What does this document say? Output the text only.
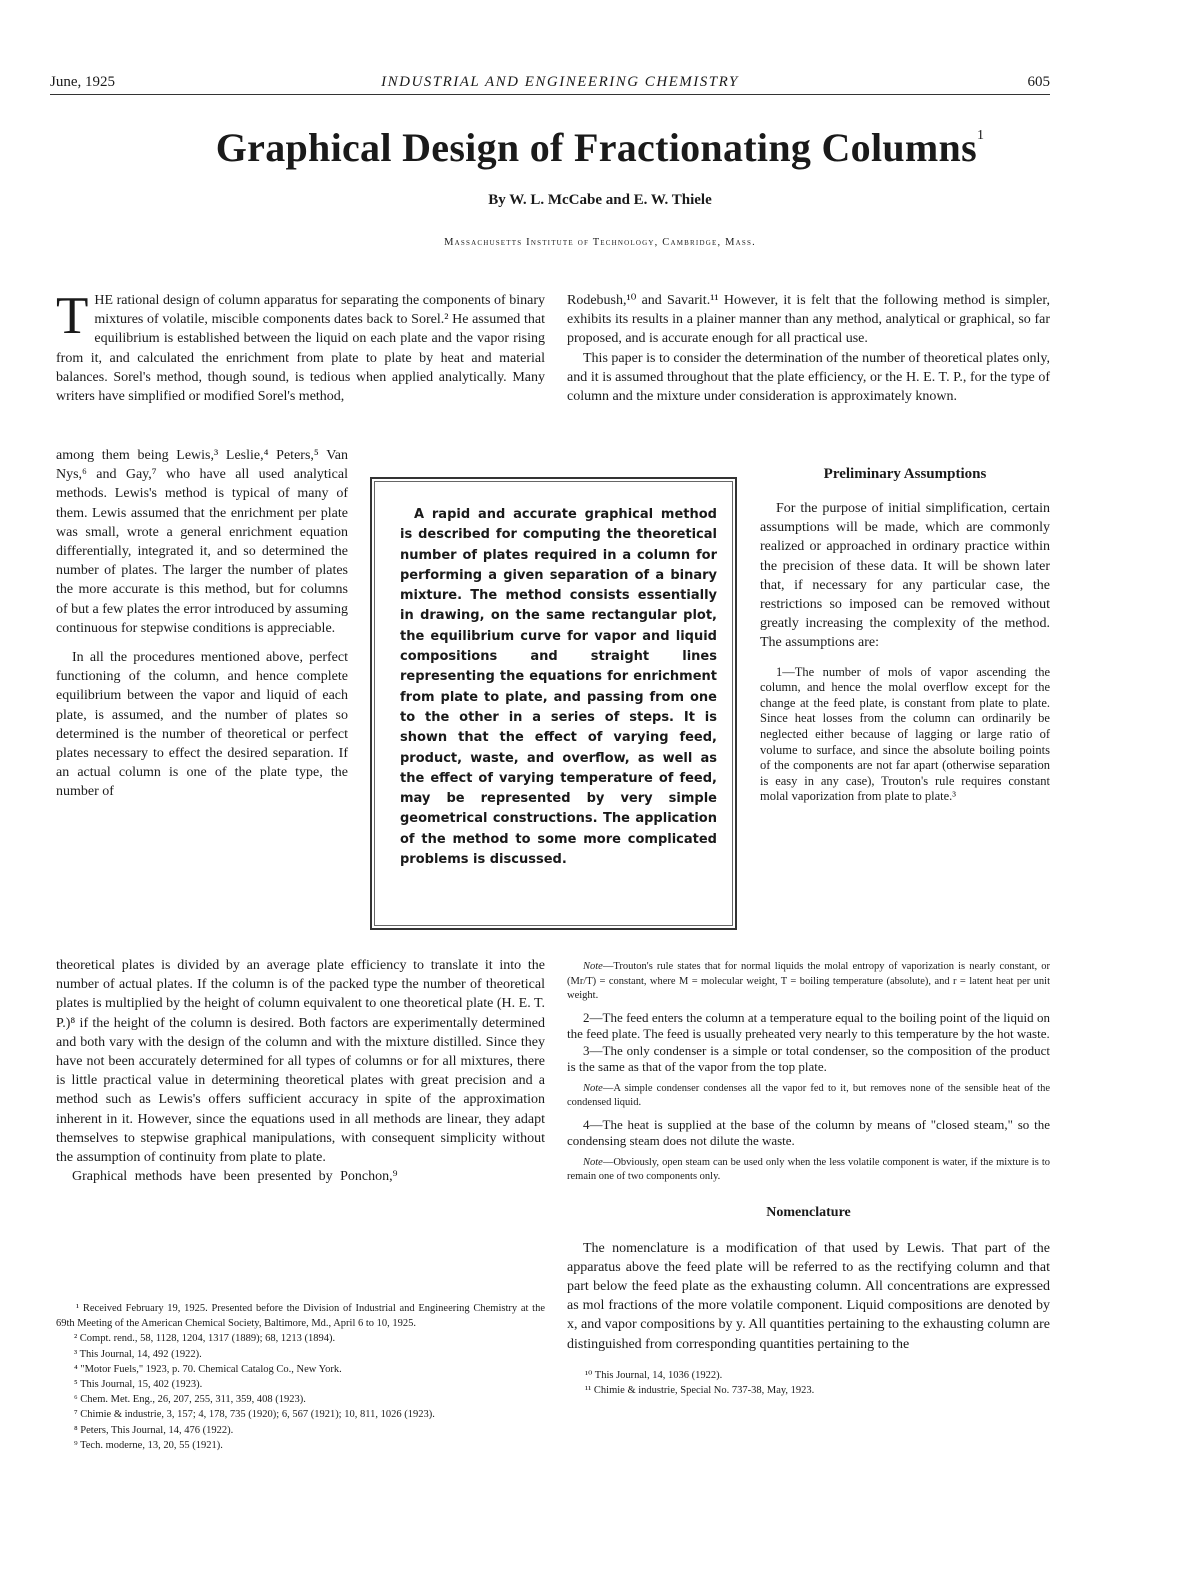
June, 1925	INDUSTRIAL AND ENGINEERING CHEMISTRY	605
Graphical Design of Fractionating Columns$^1$
By W. L. McCabe and E. W. Thiele
Massachusetts Institute of Technology, Cambridge, Mass.

THE rational design of column apparatus for separating the components of binary mixtures of volatile, miscible components dates back to Sorel.² He assumed that equilibrium is established between the liquid on each plate and the vapor rising from it, and calculated the enrichment from plate to plate by heat and material balances. Sorel's method, though sound, is tedious when applied analytically. Many writers have simplified or modified Sorel's method,

among them being Lewis,³ Leslie,⁴ Peters,⁵ Van Nys,⁶ and Gay,⁷ who have all used analytical methods. Lewis's method is typical of many of them. Lewis assumed that the enrichment per plate was small, wrote a general enrichment equation differentially, integrated it, and so determined the number of plates. The larger the number of plates the more accurate is this method, but for columns of but a few plates the error introduced by assuming continuous for stepwise conditions is appreciable.

In all the procedures mentioned above, perfect functioning of the column, and hence complete equilibrium between the vapor and liquid of each plate, is assumed, and the number of plates so determined is the number of theoretical or perfect plates necessary to effect the desired separation. If an actual column is one of the plate type, the number of

theoretical plates is divided by an average plate efficiency to translate it into the number of actual plates. If the column is of the packed type the number of theoretical plates is multiplied by the height of column equivalent to one theoretical plate (H. E. T. P.)⁸ if the height of the column is desired. Both factors are experimentally determined and both vary with the design of the column and with the mixture distilled. Since they have not been accurately determined for all types of columns or for all mixtures, there is little practical value in determining theoretical plates with great precision and a method such as Lewis's offers sufficient accuracy in spite of the approximation inherent in it. However, since the equations used in all methods are linear, they adapt themselves to stepwise graphical manipulations, with consequent simplicity without the assumption of continuity from plate to plate.

Graphical methods have been presented by Ponchon,⁹

¹ Received February 19, 1925. Presented before the Division of Industrial and Engineering Chemistry at the 69th Meeting of the American Chemical Society, Baltimore, Md., April 6 to 10, 1925.

² Compt. rend., 58, 1128, 1204, 1317 (1889); 68, 1213 (1894).

³ This Journal, 14, 492 (1922).

⁴ "Motor Fuels," 1923, p. 70. Chemical Catalog Co., New York.

⁵ This Journal, 15, 402 (1923).

⁶ Chem. Met. Eng., 26, 207, 255, 311, 359, 408 (1923).

⁷ Chimie & industrie, 3, 157; 4, 178, 735 (1920); 6, 567 (1921); 10, 811, 1026 (1923).

⁸ Peters, This Journal, 14, 476 (1922).

⁹ Tech. moderne, 13, 20, 55 (1921).

A rapid and accurate graphical method is described for computing the theoretical number of plates required in a column for performing a given separation of a binary mixture. The method consists essentially in drawing, on the same rectangular plot, the equilibrium curve for vapor and liquid compositions and straight lines representing the equations for enrichment from plate to plate, and passing from one to the other in a series of steps. It is shown that the effect of varying feed, product, waste, and overflow, as well as the effect of varying temperature of feed, may be represented by very simple geometrical constructions. The application of the method to some more complicated problems is discussed.

Rodebush,¹⁰ and Savarit.¹¹ However, it is felt that the following method is simpler, exhibits its results in a plainer manner than any method, analytical or graphical, so far proposed, and is accurate enough for all practical use.

This paper is to consider the determination of the number of theoretical plates only, and it is assumed throughout that the plate efficiency, or the H. E. T. P., for the type of column and the mixture under consideration is approximately known.

Preliminary Assumptions

For the purpose of initial simplification, certain assumptions will be made, which are commonly realized or approached in ordinary practice within the precision of these data. It will be shown later that, if necessary for any particular case, the restrictions so imposed can be removed without greatly increasing the complexity of the method. The assumptions are:

1—The number of mols of vapor ascending the column, and hence the molal overflow except for the change at the feed plate, is constant from plate to plate. Since heat losses from the column can ordinarily be neglected either because of lagging or large ratio of volume to surface, and since the absolute boiling points of the components are not far apart (otherwise separation is easy in any case), Trouton's rule requires constant molal vaporization from plate to plate.³

Note—Trouton's rule states that for normal liquids the molal entropy of vaporization is nearly constant, or (Mr/T) = constant, where M = molecular weight, T = boiling temperature (absolute), and r = latent heat per unit weight.

2—The feed enters the column at a temperature equal to the boiling point of the liquid on the feed plate. The feed is usually preheated very nearly to this temperature by the hot waste.

3—The only condenser is a simple or total condenser, so the composition of the product is the same as that of the vapor from the top plate.

Note—A simple condenser condenses all the vapor fed to it, but removes none of the sensible heat of the condensed liquid.

4—The heat is supplied at the base of the column by means of "closed steam," so the condensing steam does not dilute the waste.

Note—Obviously, open steam can be used only when the less volatile component is water, if the mixture is to remain one of two components only.

Nomenclature

The nomenclature is a modification of that used by Lewis. That part of the apparatus above the feed plate will be referred to as the rectifying column and that part below the feed plate as the exhausting column. All concentrations are expressed as mol fractions of the more volatile component. Liquid compositions are denoted by x, and vapor compositions by y. All quantities pertaining to the exhausting column are distinguished from corresponding quantities pertaining to the

¹⁰ This Journal, 14, 1036 (1922).

¹¹ Chimie & industrie, Special No. 737-38, May, 1923.
